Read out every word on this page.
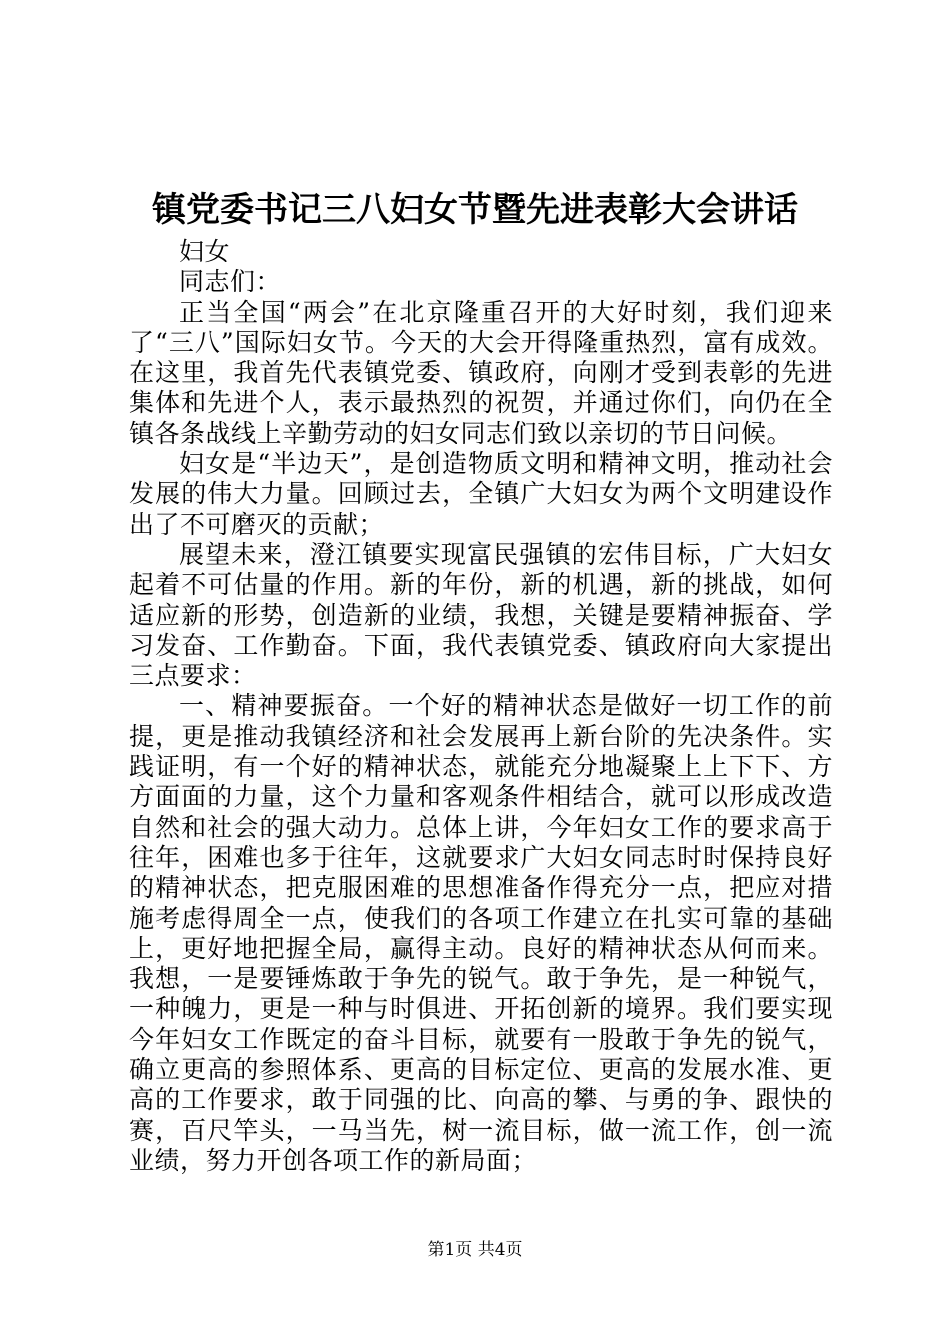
镇党委书记三八妇女节暨先进表彰大会讲话

妇女

同志们：

正当全国“两会”在北京隆重召开的大好时刻，我们迎来了“三八”国际妇女节。今天的大会开得隆重热烈，富有成效。在这里，我首先代表镇党委、镇政府，向刚才受到表彰的先进集体和先进个人，表示最热烈的祝贺，并通过你们，向仍在全镇各条战线上辛勤劳动的妇女同志们致以亲切的节日问候。

妇女是“半边天”，是创造物质文明和精神文明，推动社会发展的伟大力量。回顾过去，全镇广大妇女为两个文明建设作出了不可磨灭的贡献；

展望未来，澄江镇要实现富民强镇的宏伟目标，广大妇女起着不可估量的作用。新的年份，新的机遇，新的挑战，如何适应新的形势，创造新的业绩，我想，关键是要精神振奋、学习发奋、工作勤奋。下面，我代表镇党委、镇政府向大家提出三点要求：

一、精神要振奋。一个好的精神状态是做好一切工作的前提，更是推动我镇经济和社会发展再上新台阶的先决条件。实践证明，有一个好的精神状态，就能充分地凝聚上上下下、方方面面的力量，这个力量和客观条件相结合，就可以形成改造自然和社会的强大动力。总体上讲，今年妇女工作的要求高于往年，困难也多于往年，这就要求广大妇女同志时时保持良好的精神状态，把克服困难的思想准备作得充分一点，把应对措施考虑得周全一点，使我们的各项工作建立在扎实可靠的基础上，更好地把握全局，赢得主动。良好的精神状态从何而来。我想，一是要锤炼敢于争先的锐气。敢于争先，是一种锐气，一种魄力，更是一种与时俱进、开拓创新的境界。我们要实现今年妇女工作既定的奋斗目标，就要有一股敢于争先的锐气，确立更高的参照体系、更高的目标定位、更高的发展水准、更高的工作要求，敢于同强的比、向高的攀、与勇的争、跟快的赛，百尺竿头，一马当先，树一流目标，做一流工作，创一流业绩，努力开创各项工作的新局面；

第1页 共4页
